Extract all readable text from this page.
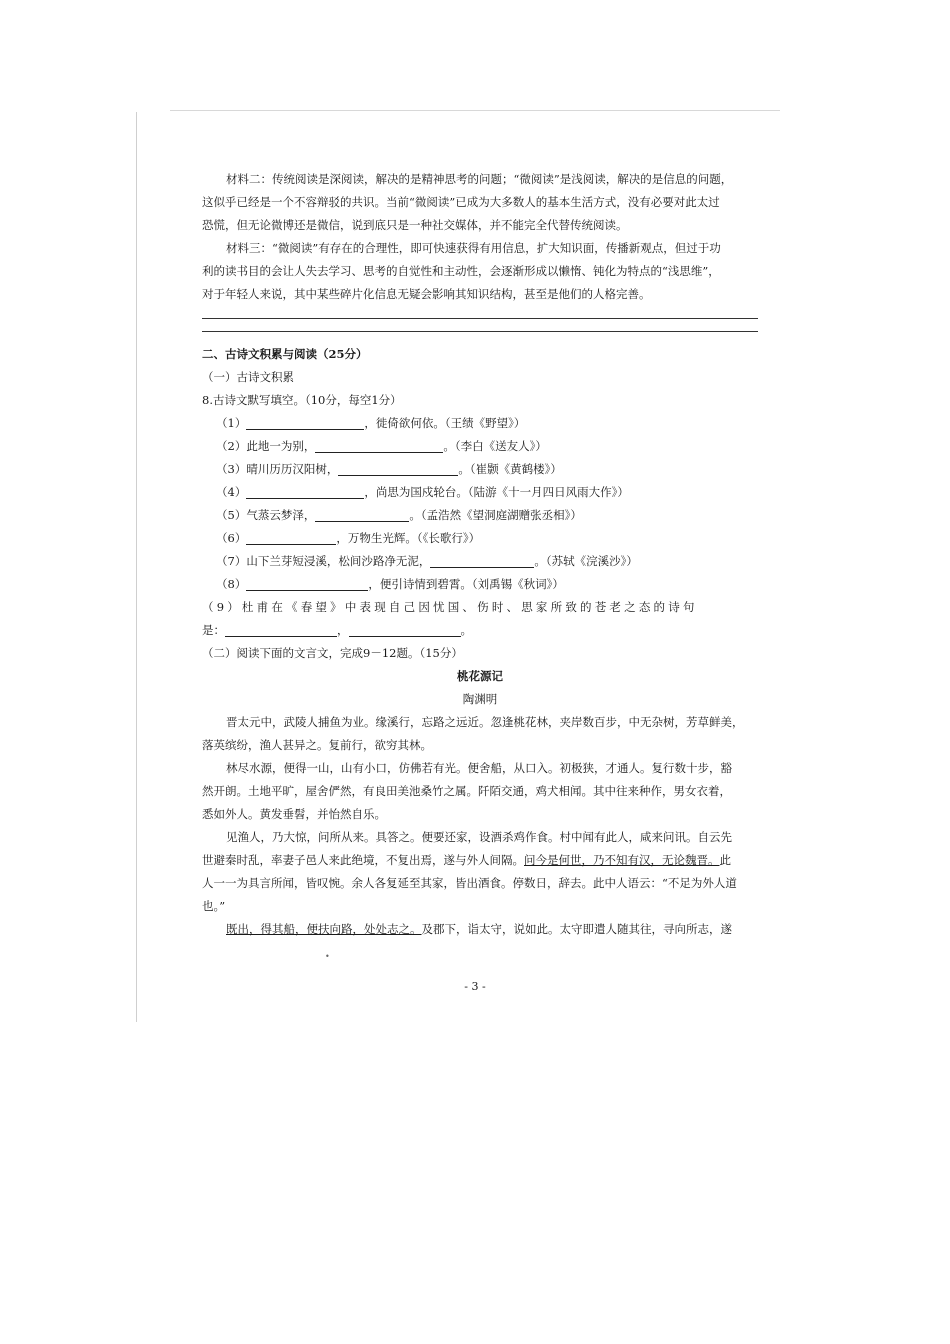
材料二：传统阅读是深阅读，解决的是精神思考的问题；“微阅读”是浅阅读，解决的是信息的问题，
这似乎已经是一个不容辩驳的共识。当前“微阅读”已成为大多数人的基本生活方式，没有必要对此太过
恐慌，但无论微博还是微信，说到底只是一种社交媒体，并不能完全代替传统阅读。
材料三：“微阅读”有存在的合理性，即可快速获得有用信息，扩大知识面，传播新观点，但过于功
利的读书目的会让人失去学习、思考的自觉性和主动性，会逐渐形成以懒惰、钝化为特点的“浅思维”，
对于年轻人来说，其中某些碎片化信息无疑会影响其知识结构，甚至是他们的人格完善。
二、古诗文积累与阅读（25分）
（一）古诗文积累
8.古诗文默写填空。（10分，每空1分）
（1）	，徙倚欲何依。（王绩《野望》）
（2）此地一为别，	。（李白《送友人》）
（3）晴川历历汉阳树，	。（崔颢《黄鹤楼》）
（4）	，尚思为国戍轮台。（陆游《十一月四日风雨大作》）
（5）气蒸云梦泽，	。（孟浩然《望洞庭湖赠张丞相》）
（6）	，万物生光辉。（《长歌行》）
（7）山下兰芽短浸溪，松间沙路净无泥，	。（苏轼《浣溪沙》）
（8）	，便引诗情到碧霄。（刘禹锡《秋词》）
（9）杜甫在《春望》中表现自己因忧国、伤时、思家所致的苍老之态的诗句
是：	，	。
（二）阅读下面的文言文，完成9－12题。（15分）
桃花源记
陶渊明
晋太元中，武陵人捕鱼为业。缘溪行，忘路之远近。忽逢桃花林，夹岸数百步，中无杂树，芳草鲜美，
落英缤纷，渔人甚异之。复前行，欲穷其林。
林尽水源，便得一山，山有小口，仿佛若有光。便舍船，从口入。初极狭，才通人。复行数十步，豁
然开朗。土地平旷，屋舍俨然，有良田美池桑竹之属。阡陌交通，鸡犬相闻。其中往来种作，男女衣着，
悉如外人。黄发垂髫，并怡然自乐。
见渔人，乃大惊，问所从来。具答之。便要还家，设酒杀鸡作食。村中闻有此人，咸来问讯。自云先
世避秦时乱，率妻子邑人来此绝境，不复出焉，遂与外人间隔。问今是何世，乃不知有汉，无论魏晋。此
人一一为具言所闻，皆叹惋。余人各复延至其家，皆出酒食。停数日，辞去。此中人语云：“不足为外人道
也。”
既出，得其船，便扶向路，处处志之。及郡下，诣太守，说如此。太守即遣人随其往，寻向所志，遂
•
- 3 -
